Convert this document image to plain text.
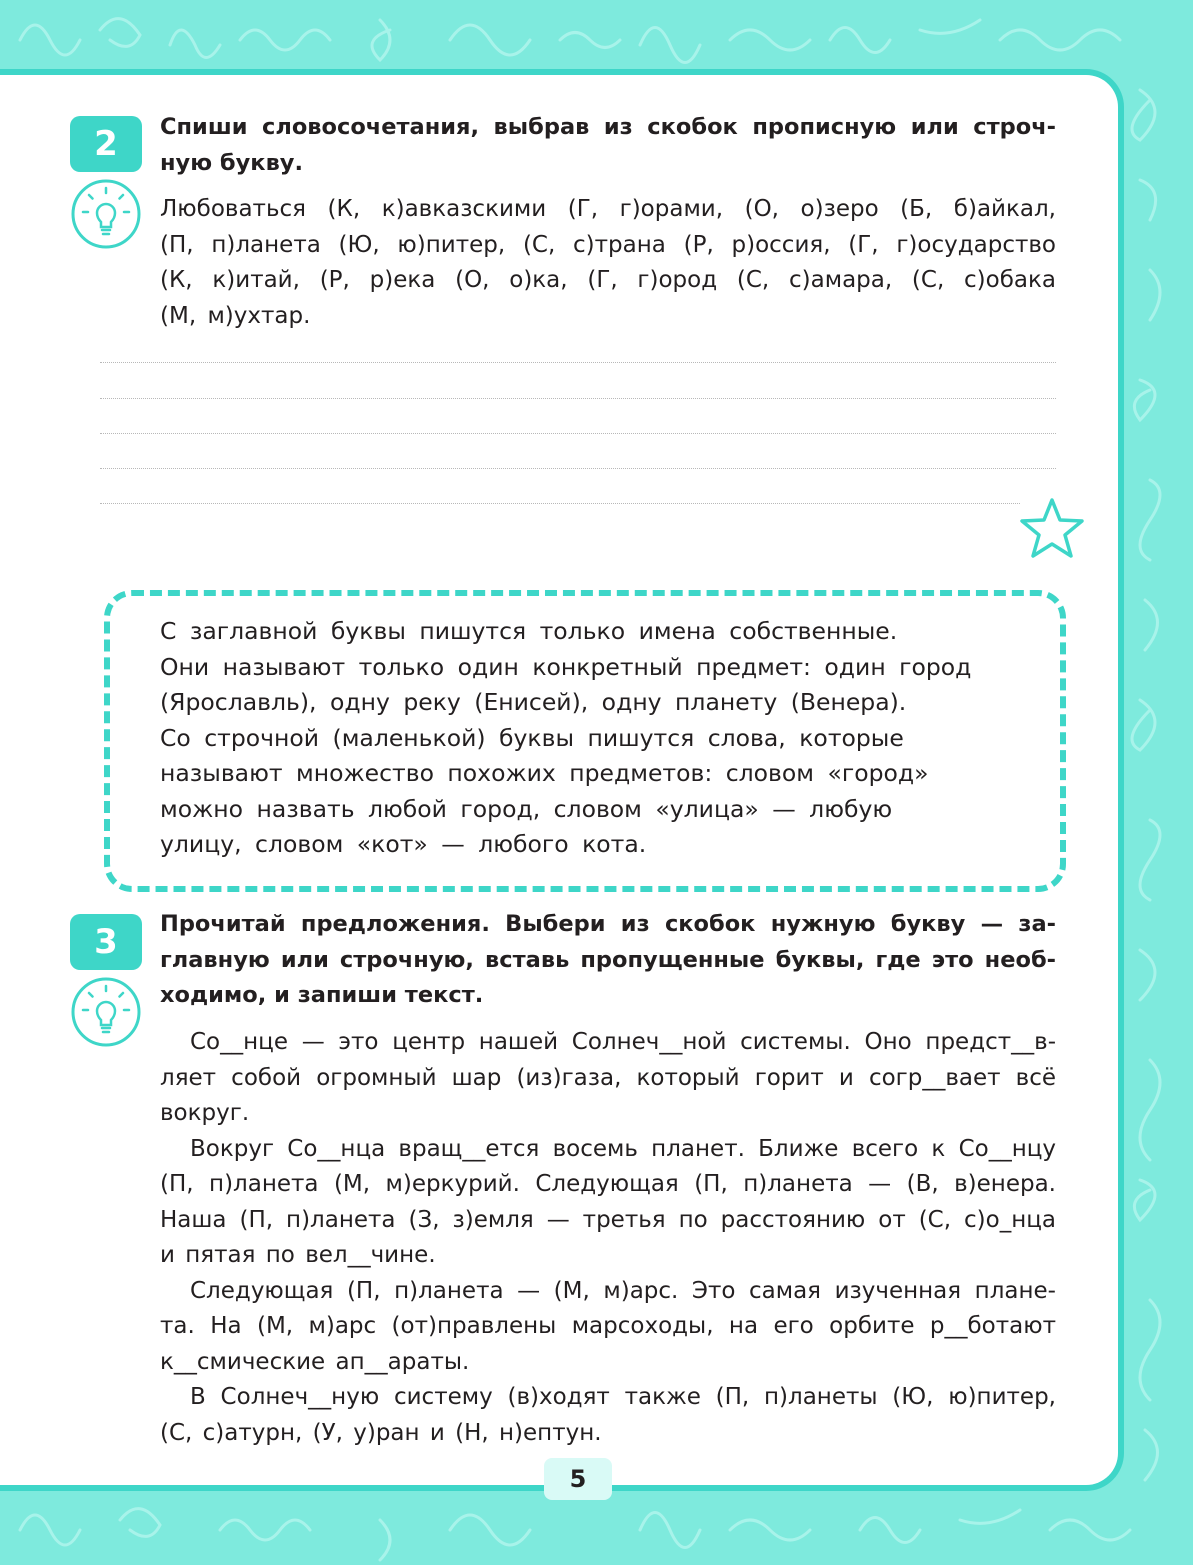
2	Спиши словосочетания, выбрав из скобок прописную или строч-
ную букву.
Любоваться (К, к)авказскими (Г, г)орами, (О, о)зеро (Б, б)айкал,
(П, п)ланета (Ю, ю)питер, (С, с)трана (Р, р)оссия, (Г, г)осударство
(К, к)итай, (Р, р)ека (О, о)ка, (Г, г)ород (С, с)амара, (С, с)обака
(М, м)ухтар.
С заглавной буквы пишутся только имена собственные.
Они называют только один конкретный предмет: один город
(Ярославль), одну реку (Енисей), одну планету (Венера).
Со строчной (маленькой) буквы пишутся слова, которые
называют множество похожих предметов: словом «город»
можно назвать любой город, словом «улица» — любую
улицу, словом «кот» — любого кота.
3	Прочитай предложения. Выбери из скобок нужную букву — за-
главную или строчную, вставь пропущенные буквы, где это необ-
ходимо, и запиши текст.
Со__нце — это центр нашей Солнеч__ной системы. Оно предст__в-
ляет собой огромный шар (из)газа, который горит и согр__вает всё
вокруг.
Вокруг Со__нца вращ__ется восемь планет. Ближе всего к Со__нцу
(П, п)ланета (М, м)еркурий. Следующая (П, п)ланета — (В, в)енера.
Наша (П, п)ланета (З, з)емля — третья по расстоянию от (С, с)о_нца
и пятая по вел__чине.
Следующая (П, п)ланета — (М, м)арс. Это самая изученная плане-
та. На (М, м)арс (от)правлены марсоходы, на его орбите р__ботают
к__смические ап__араты.
В Солнеч__ную систему (в)ходят также (П, п)ланеты (Ю, ю)питер,
(С, с)атурн, (У, у)ран и (Н, н)ептун.
5
